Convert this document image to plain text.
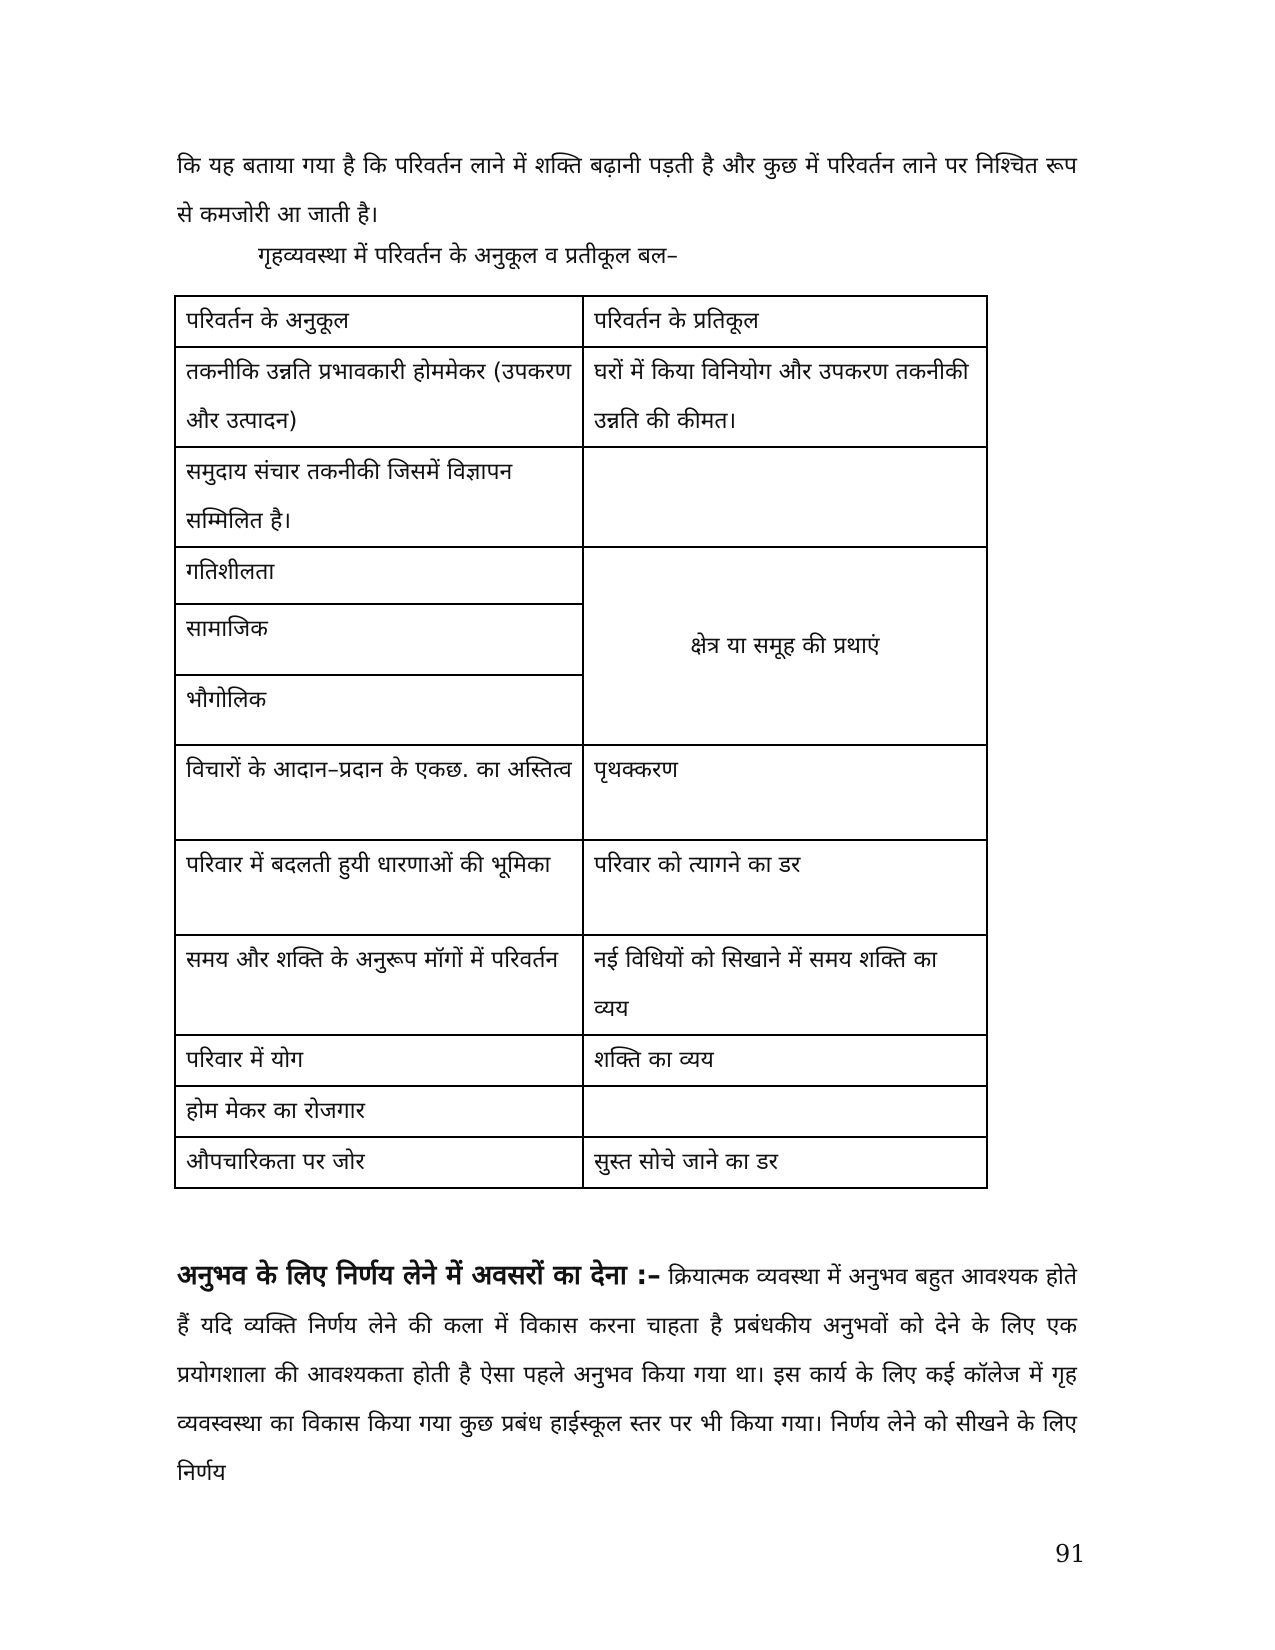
कि यह बताया गया है कि परिवर्तन लाने में शक्ति बढ़ानी पड़ती है और कुछ में परिवर्तन लाने पर निश्चित रूप से कमजोरी आ जाती है।

गृहव्यवस्था में परिवर्तन के अनुकूल व प्रतीकूल बल–
परिवर्तन के अनुकूल	परिवर्तन के प्रतिकूल
तकनीकि उन्नति प्रभावकारी होममेकर (उपकरण और उत्पादन)	घरों में किया विनियोग और उपकरण तकनीकी उन्नति की कीमत।
समुदाय संचार तकनीकी जिसमें विज्ञापन सम्मिलित है।	
गतिशीलता	क्षेत्र या समूह की प्रथाएं
सामाजिक	
भौगोलिक	
विचारों के आदान–प्रदान के एकछ. का अस्तित्व	पृथक्करण
परिवार में बदलती हुयी धारणाओं की भूमिका	परिवार को त्यागने का डर
समय और शक्ति के अनुरूप मॉगों में परिवर्तन	नई विधियों को सिखाने में समय शक्ति का व्यय
परिवार में योग	शक्ति का व्यय
होम मेकर का रोजगार	
औपचारिकता पर जोर	सुस्त सोचे जाने का डर

अनुभव के लिए निर्णय लेने में अवसरों का देना :– क्रियात्मक व्यवस्था में अनुभव बहुत आवश्यक होते हैं यदि व्यक्ति निर्णय लेने की कला में विकास करना चाहता है प्रबंधकीय अनुभवों को देने के लिए एक प्रयोगशाला की आवश्यकता होती है ऐसा पहले अनुभव किया गया था। इस कार्य के लिए कई कॉलेज में गृह व्यवस्वस्था का विकास किया गया कुछ प्रबंध हाईस्कूल स्तर पर भी किया गया। निर्णय लेने को सीखने के लिए निर्णय

91
